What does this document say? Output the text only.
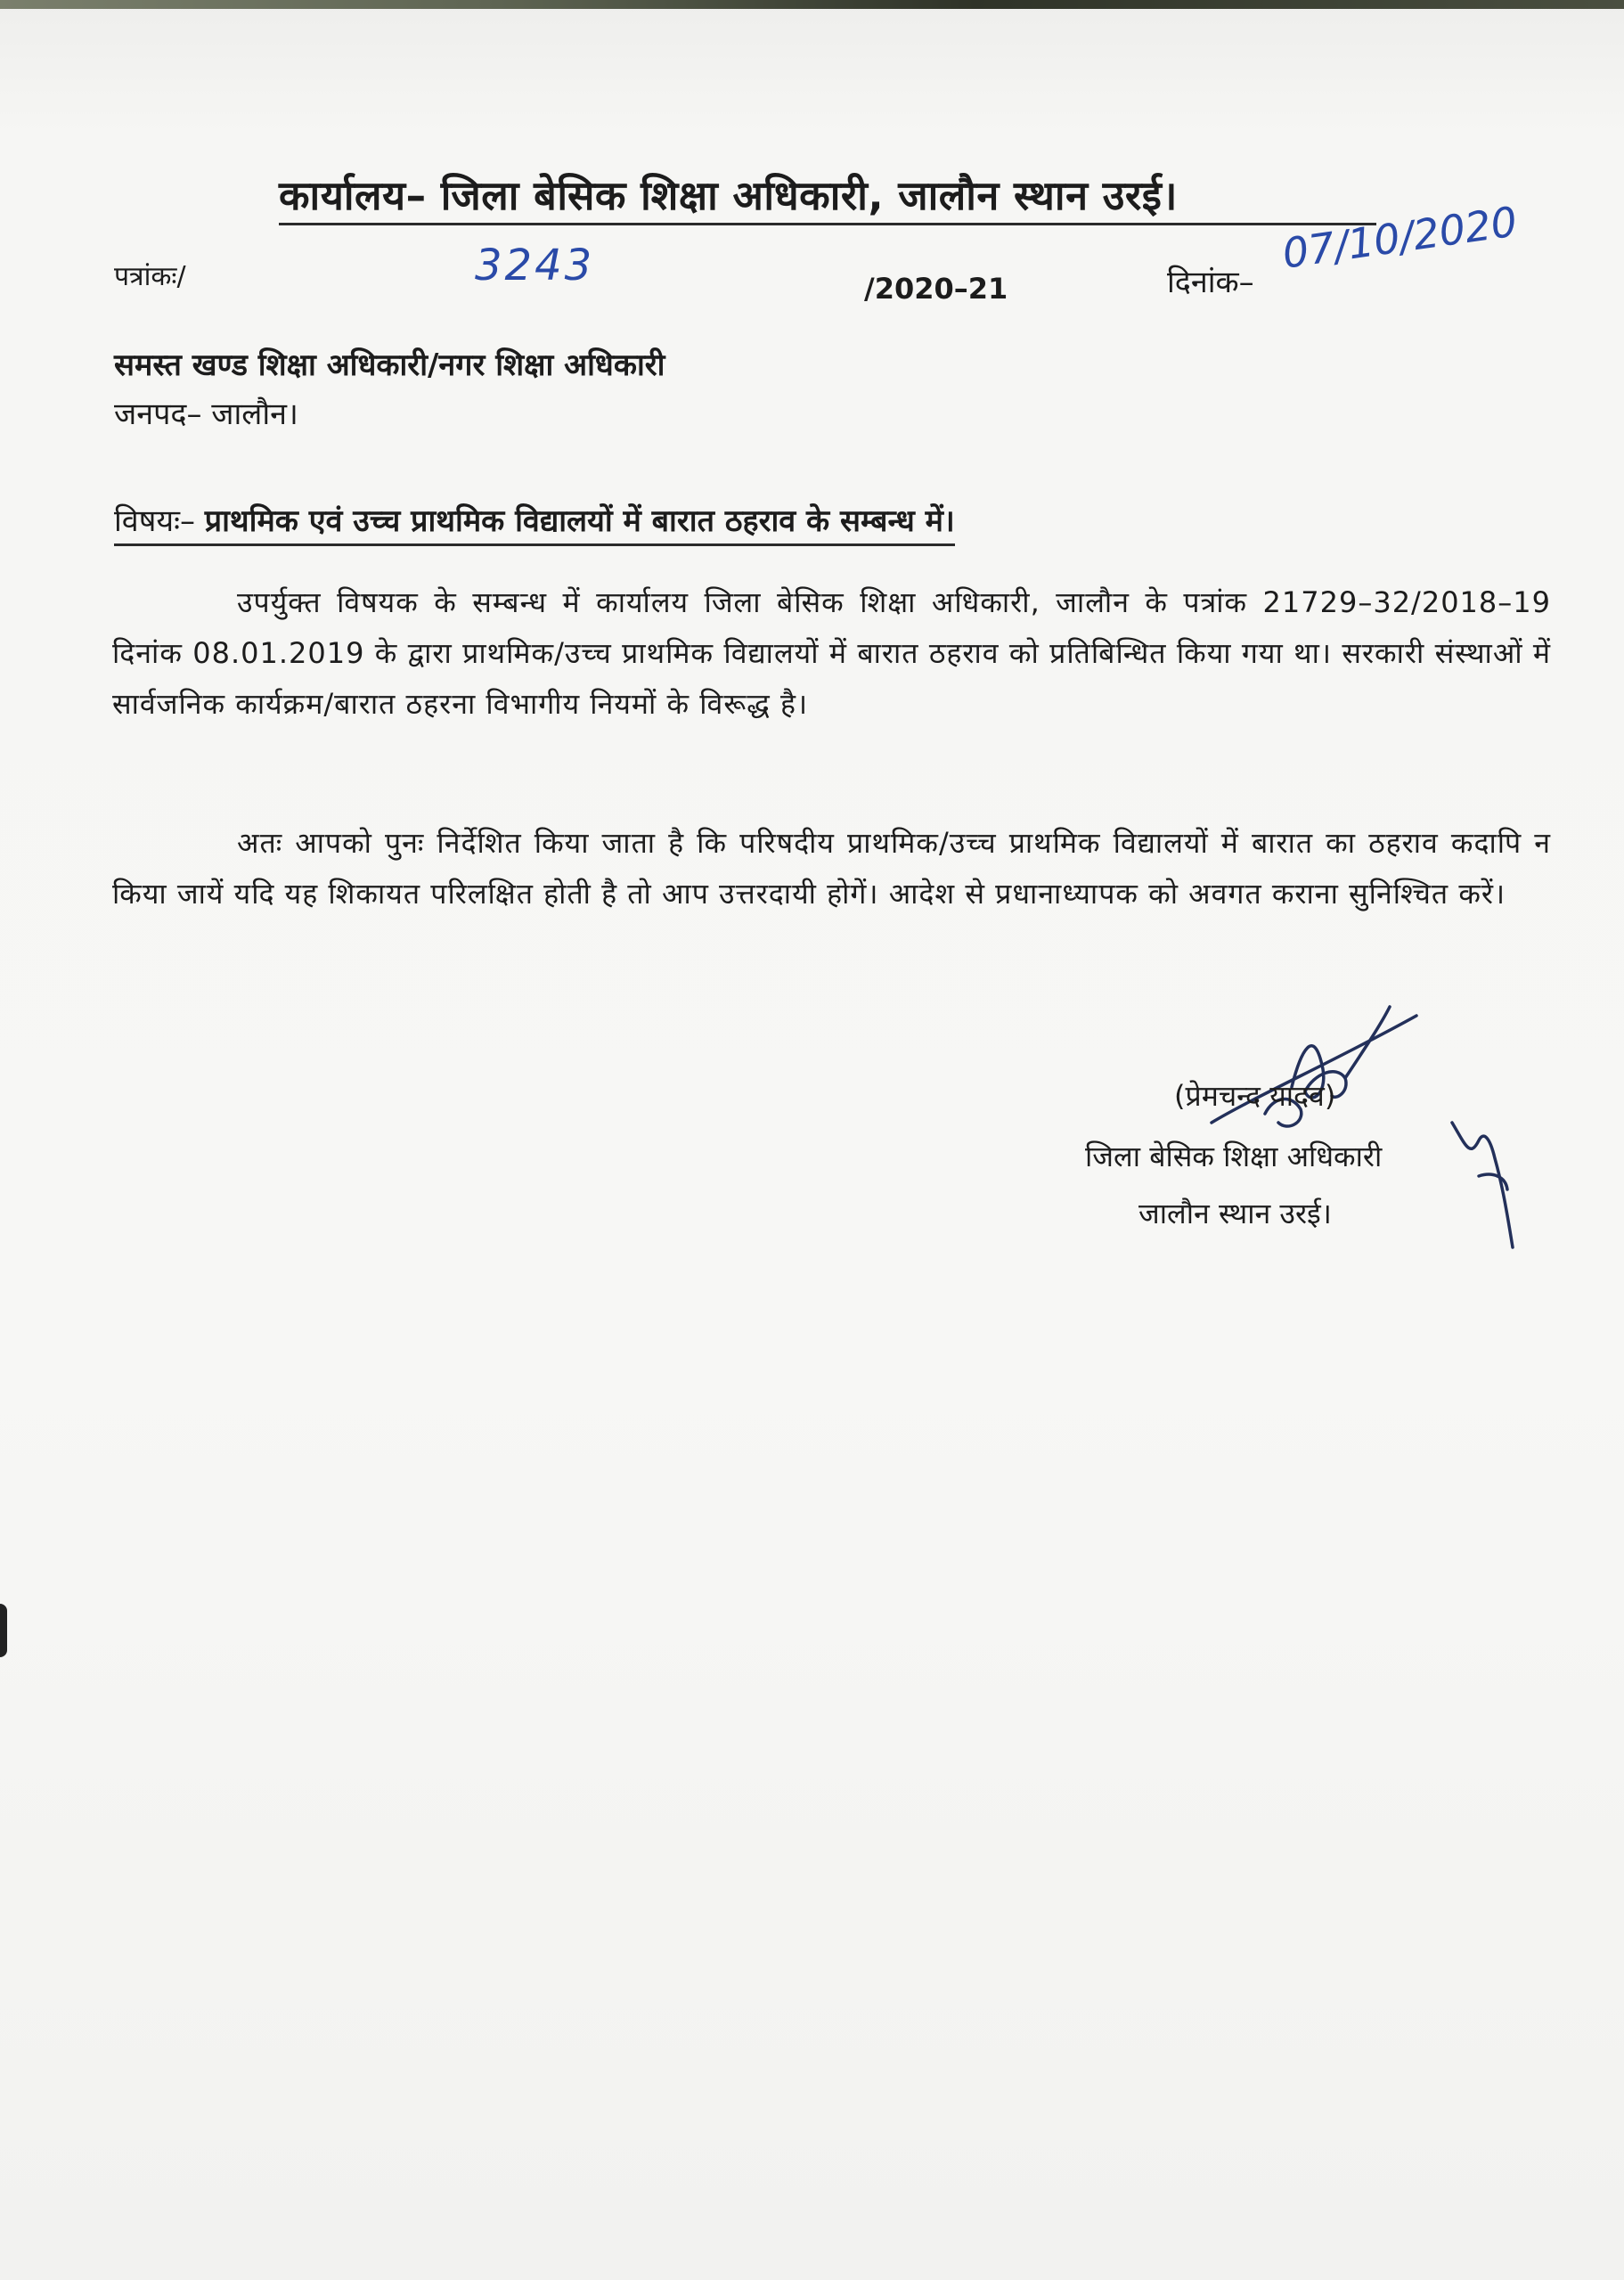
कार्यालय– जिला बेसिक शिक्षा अधिकारी, जालौन स्थान उरई।
पत्रांकः/	3243	/2020–21	दिनांक–
07/10/2020
समस्त खण्ड शिक्षा अधिकारी/नगर शिक्षा अधिकारी
जनपद– जालौन।
विषयः– प्राथमिक एवं उच्च प्राथमिक विद्यालयों में बारात ठहराव के सम्बन्ध में।
उपर्युक्त विषयक के सम्बन्ध में कार्यालय जिला बेसिक शिक्षा अधिकारी, जालौन के पत्रांक 21729–32/2018–19 दिनांक 08.01.2019 के द्वारा प्राथमिक/उच्च प्राथमिक विद्यालयों में बारात ठहराव को प्रतिबिन्धित किया गया था। सरकारी संस्थाओं में सार्वजनिक कार्यक्रम/बारात ठहरना विभागीय नियमों के विरूद्ध है।
अतः आपको पुनः निर्देशित किया जाता है कि परिषदीय प्राथमिक/उच्च प्राथमिक विद्यालयों में बारात का ठहराव कदापि न किया जायें यदि यह शिकायत परिलक्षित होती है तो आप उत्तरदायी होगें। आदेश से प्रधानाध्यापक को अवगत कराना सुनिश्चित करें।
(प्रेमचन्द यादव)
जिला बेसिक शिक्षा अधिकारी
जालौन स्थान उरई।
